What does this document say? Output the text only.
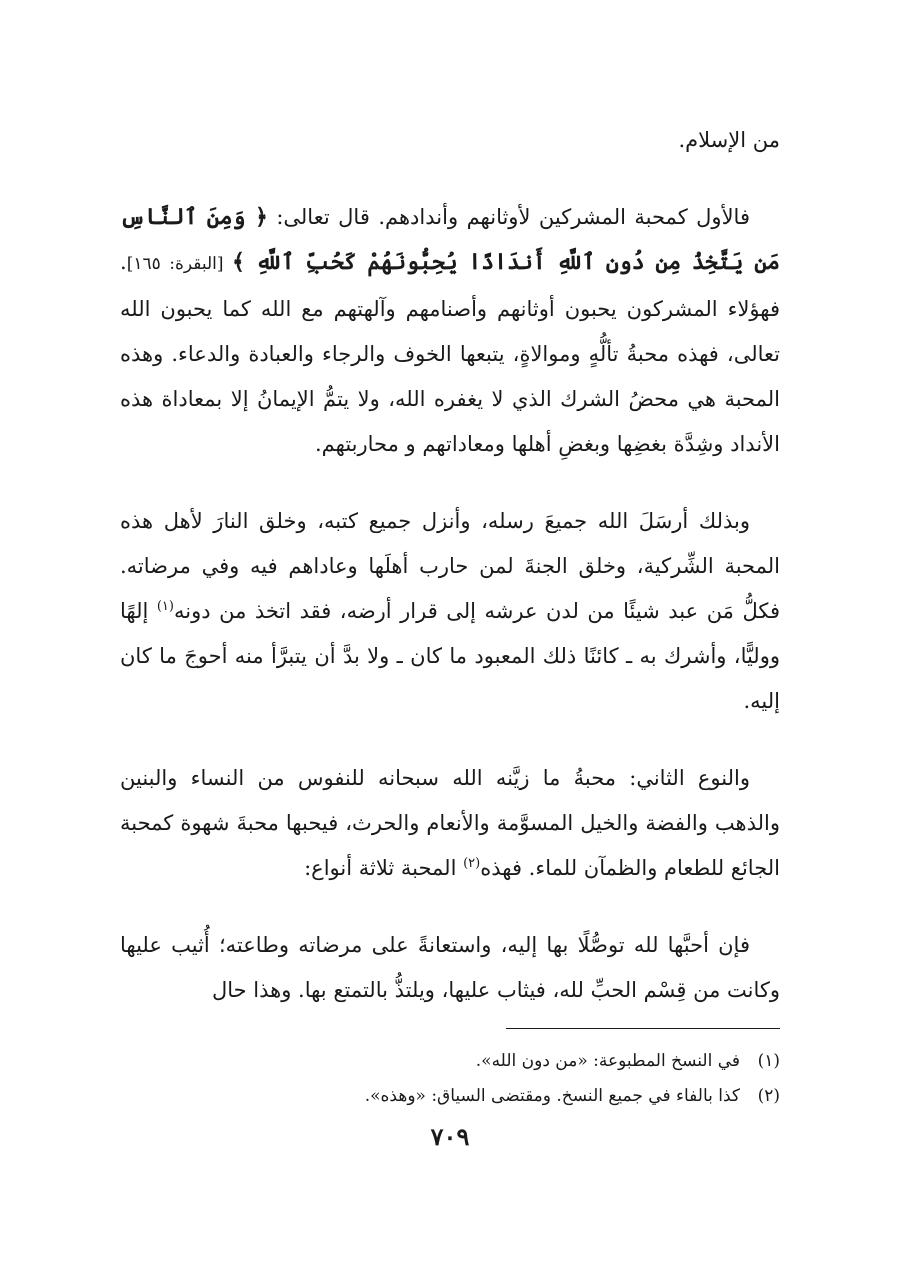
من الإسلام.

فالأول كمحبة المشركين لأوثانهم وأندادهم. قال تعالى: ﴿ وَمِنَ ٱلنَّاسِ مَن يَتَّخِذُ مِن دُونِ ٱللَّهِ أَندَادًا يُحِبُّونَهُمْ كَحُبِّ ٱللَّهِ ﴾ [البقرة: ١٦٥]. فهؤلاء المشركون يحبون أوثانهم وأصنامهم وآلهتهم مع الله كما يحبون الله تعالى، فهذه محبةُ تألُّهٍ وموالاةٍ، يتبعها الخوف والرجاء والعبادة والدعاء. وهذه المحبة هي محضُ الشرك الذي لا يغفره الله، ولا يتمُّ الإيمانُ إلا بمعاداة هذه الأنداد وشِدَّة بغضِها وبغضِ أهلها ومعاداتهم و محاربتهم.

وبذلك أرسَلَ الله جميعَ رسله، وأنزل جميع كتبه، وخلق النارَ لأهل هذه المحبة الشِّركية، وخلق الجنةَ لمن حارب أهلَها وعاداهم فيه وفي مرضاته. فكلُّ مَن عبد شيئًا من لدن عرشه إلى قرار أرضه، فقد اتخذ من دونه$^{(١)}$ إلهًا ووليًّا، وأشرك به ـ كائنًا ذلك المعبود ما كان ـ ولا بدَّ أن يتبرَّأ منه أحوجَ ما كان إليه.

والنوع الثاني: محبةُ ما زيَّنه الله سبحانه للنفوس من النساء والبنين والذهب والفضة والخيل المسوَّمة والأنعام والحرث، فيحبها محبةَ شهوة كمحبة الجائع للطعام والظمآن للماء. فهذه$^{(٢)}$ المحبة ثلاثة أنواع:

فإن أحبَّها لله توصُّلًا بها إليه، واستعانةً على مرضاته وطاعته؛ أُثيب عليها وكانت من قِسْم الحبِّ لله، فيثاب عليها، ويلتذُّ بالتمتع بها. وهذا حال

(١)في النسخ المطبوعة: «من دون الله».
(٢)كذا بالفاء في جميع النسخ. ومقتضى السياق: «وهذه».
٧٠٩
